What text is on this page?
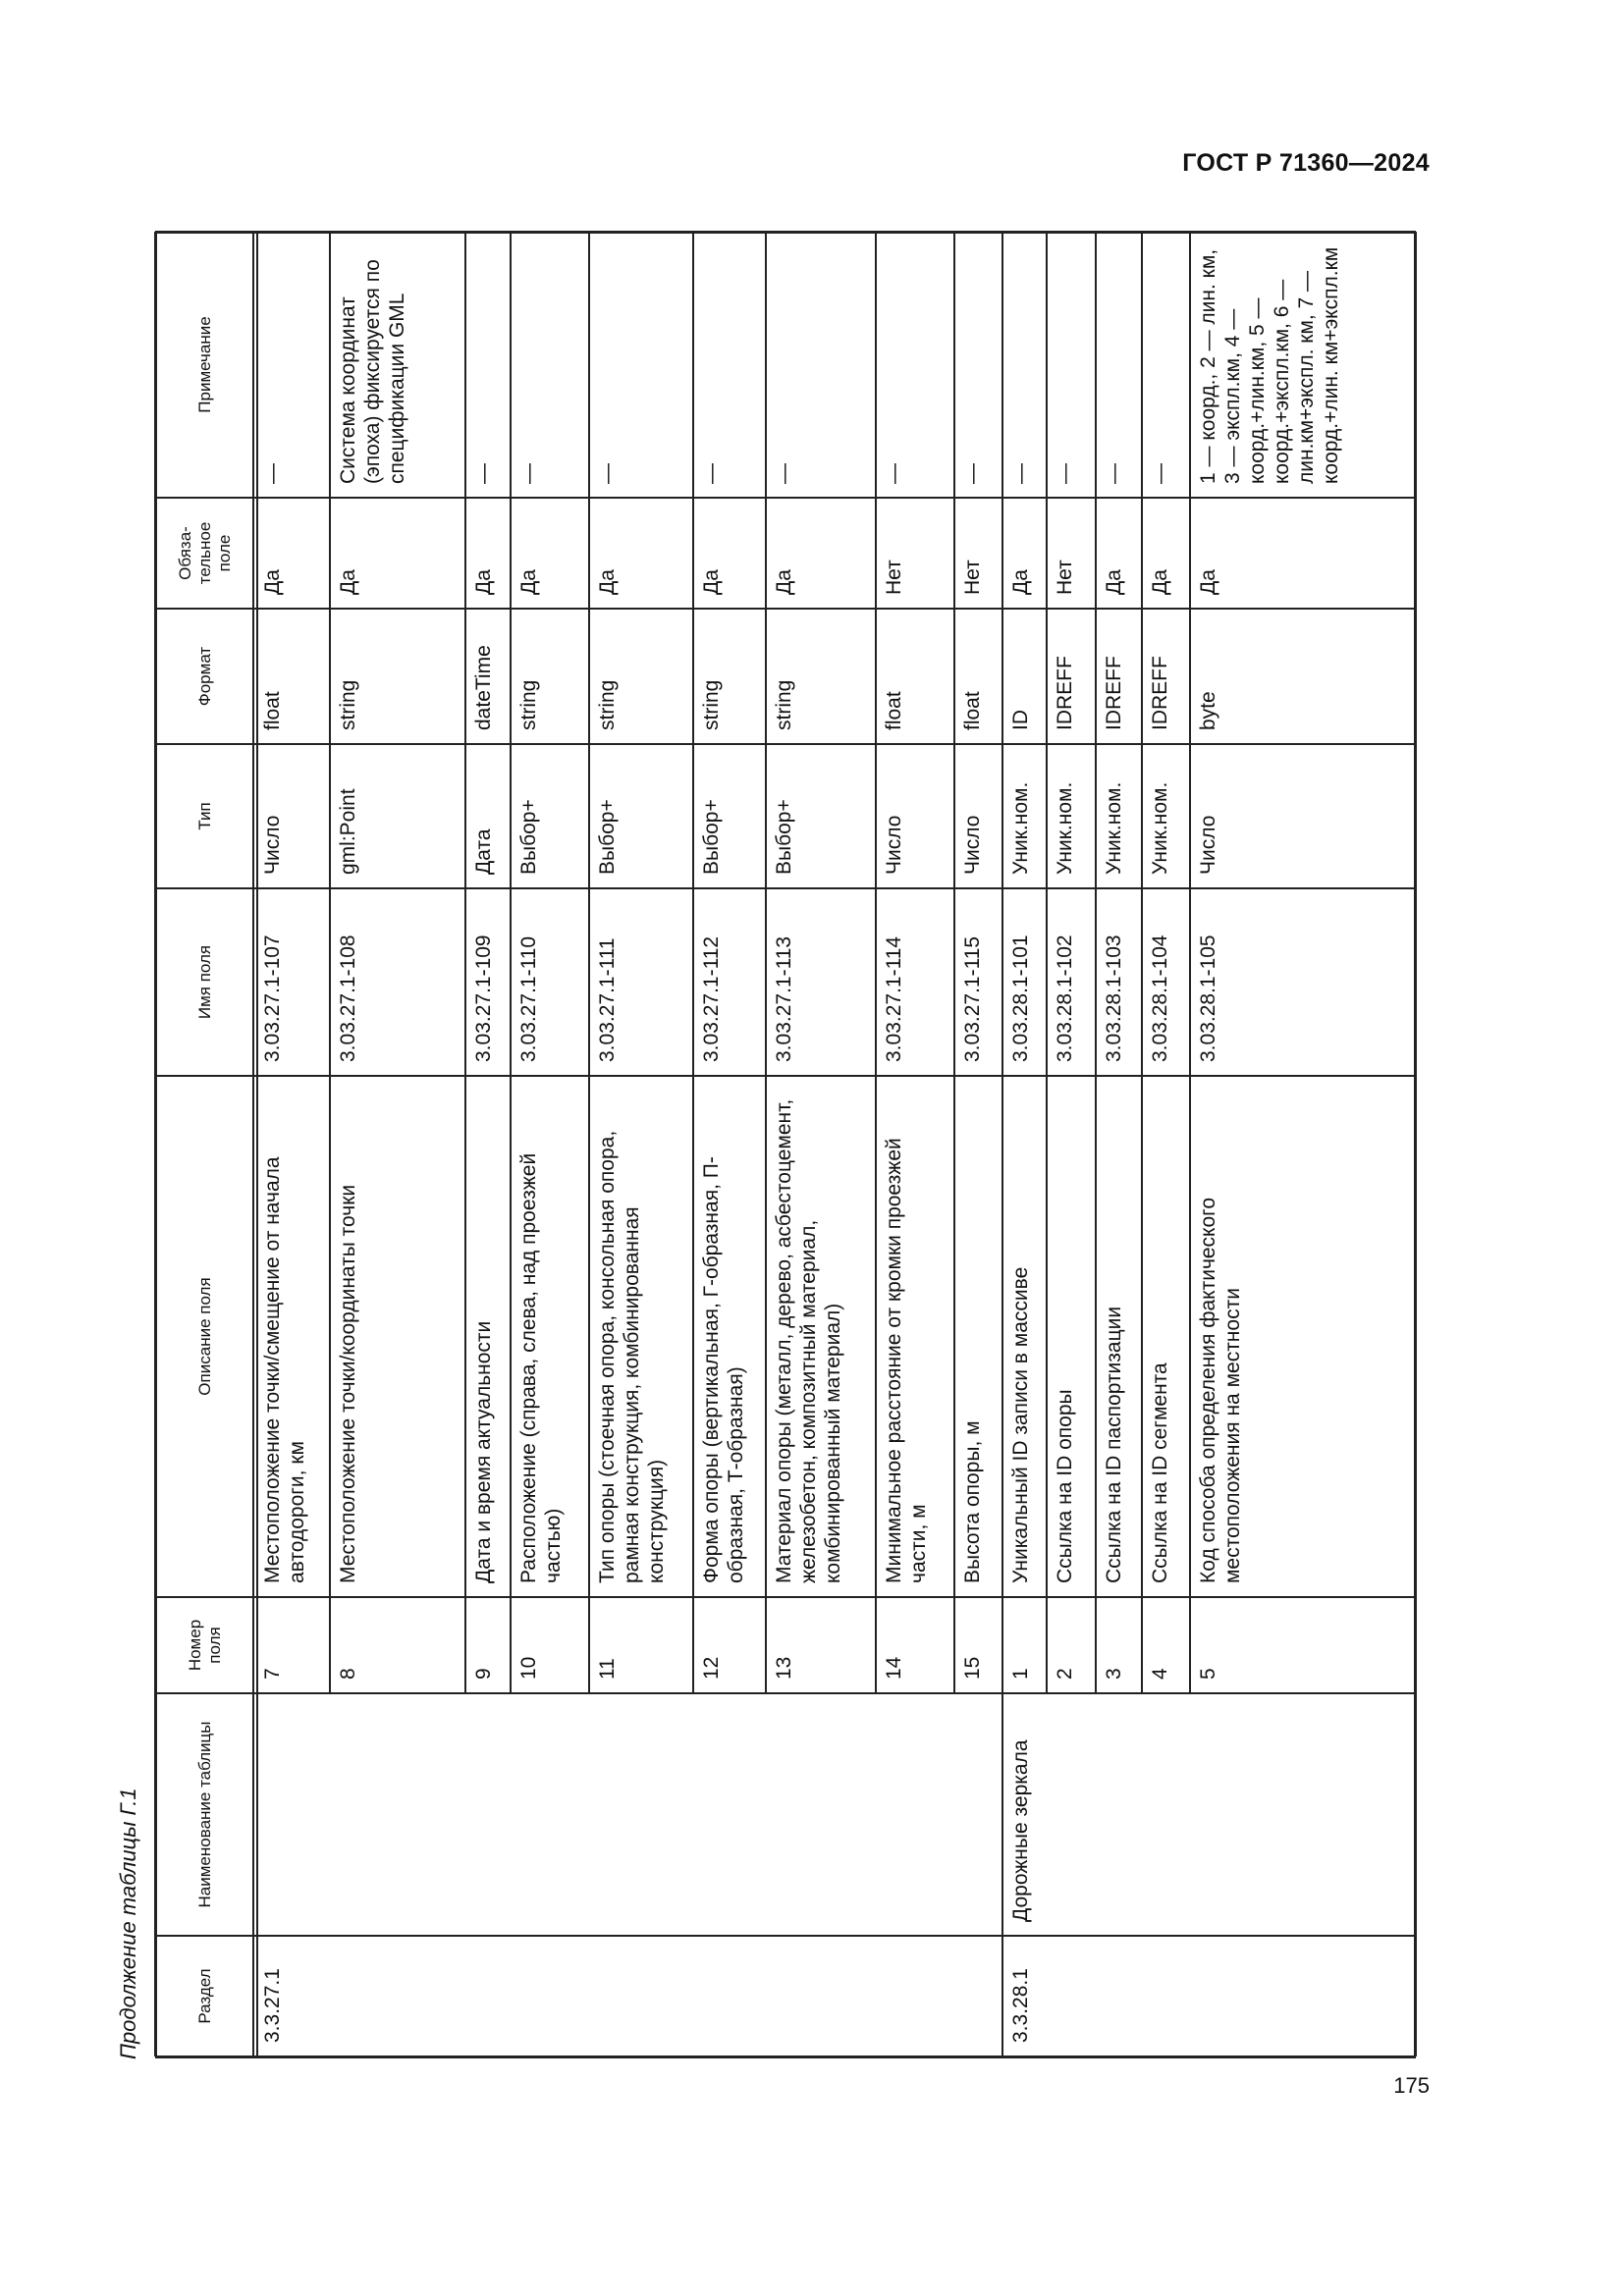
ГОСТ Р 71360—2024
Продолжение таблицы Г.1	Раздел
Наименование таблицы
Номер поля
Описание поля
Имя поля
Тип
Формат
Обяза-тельное поле
Примечание
3.3.27.1
7
Местоположение точки/смещение от начала автодороги, км
3.03.27.1-107
Число
float
Да
—
8
Местоположение точки/координаты точки
3.03.27.1-108
gml:Point
string
Да
Система координат (эпоха) фиксируется по спецификации GML
9
Дата и время актуальности
3.03.27.1-109
Дата
dateTime
Да
—
10
Расположение (справа, слева, над проезжей частью)
3.03.27.1-110
Выбор+
string
Да
—
11
Тип опоры (стоечная опора, консольная опора, рамная конструкция, комбинированная конструкция)
3.03.27.1-111
Выбор+
string
Да
—
12
Форма опоры (вертикальная, Г-образная, П-образная, Т-образная)
3.03.27.1-112
Выбор+
string
Да
—
13
Материал опоры (металл, дерево, асбестоцемент, железобетон, композитный материал, комбинированный материал)
3.03.27.1-113
Выбор+
string
Да
—
14
Минимальное расстояние от кромки проезжей части, м
3.03.27.1-114
Число
float
Нет
—
15
Высота опоры, м
3.03.27.1-115
Число
float
Нет
—
3.3.28.1
Дорожные зеркала
1
Уникальный ID записи в массиве
3.03.28.1-101
Уник.ном.
ID
Да
—
2
Ссылка на ID опоры
3.03.28.1-102
Уник.ном.
IDREFF
Нет
—
3
Ссылка на ID паспортизации
3.03.28.1-103
Уник.ном.
IDREFF
Да
—
4
Ссылка на ID сегмента
3.03.28.1-104
Уник.ном.
IDREFF
Да
—
5
Код способа определения фактического местоположения на местности
3.03.28.1-105
Число
byte
Да
1 — коорд., 2 — лин. км, 3 — экспл.км, 4 — коорд.+лин.км, 5 — коорд.+экспл.км, 6 — лин.км+экспл. км, 7 — коорд.+лин. км+экспл.км
175
